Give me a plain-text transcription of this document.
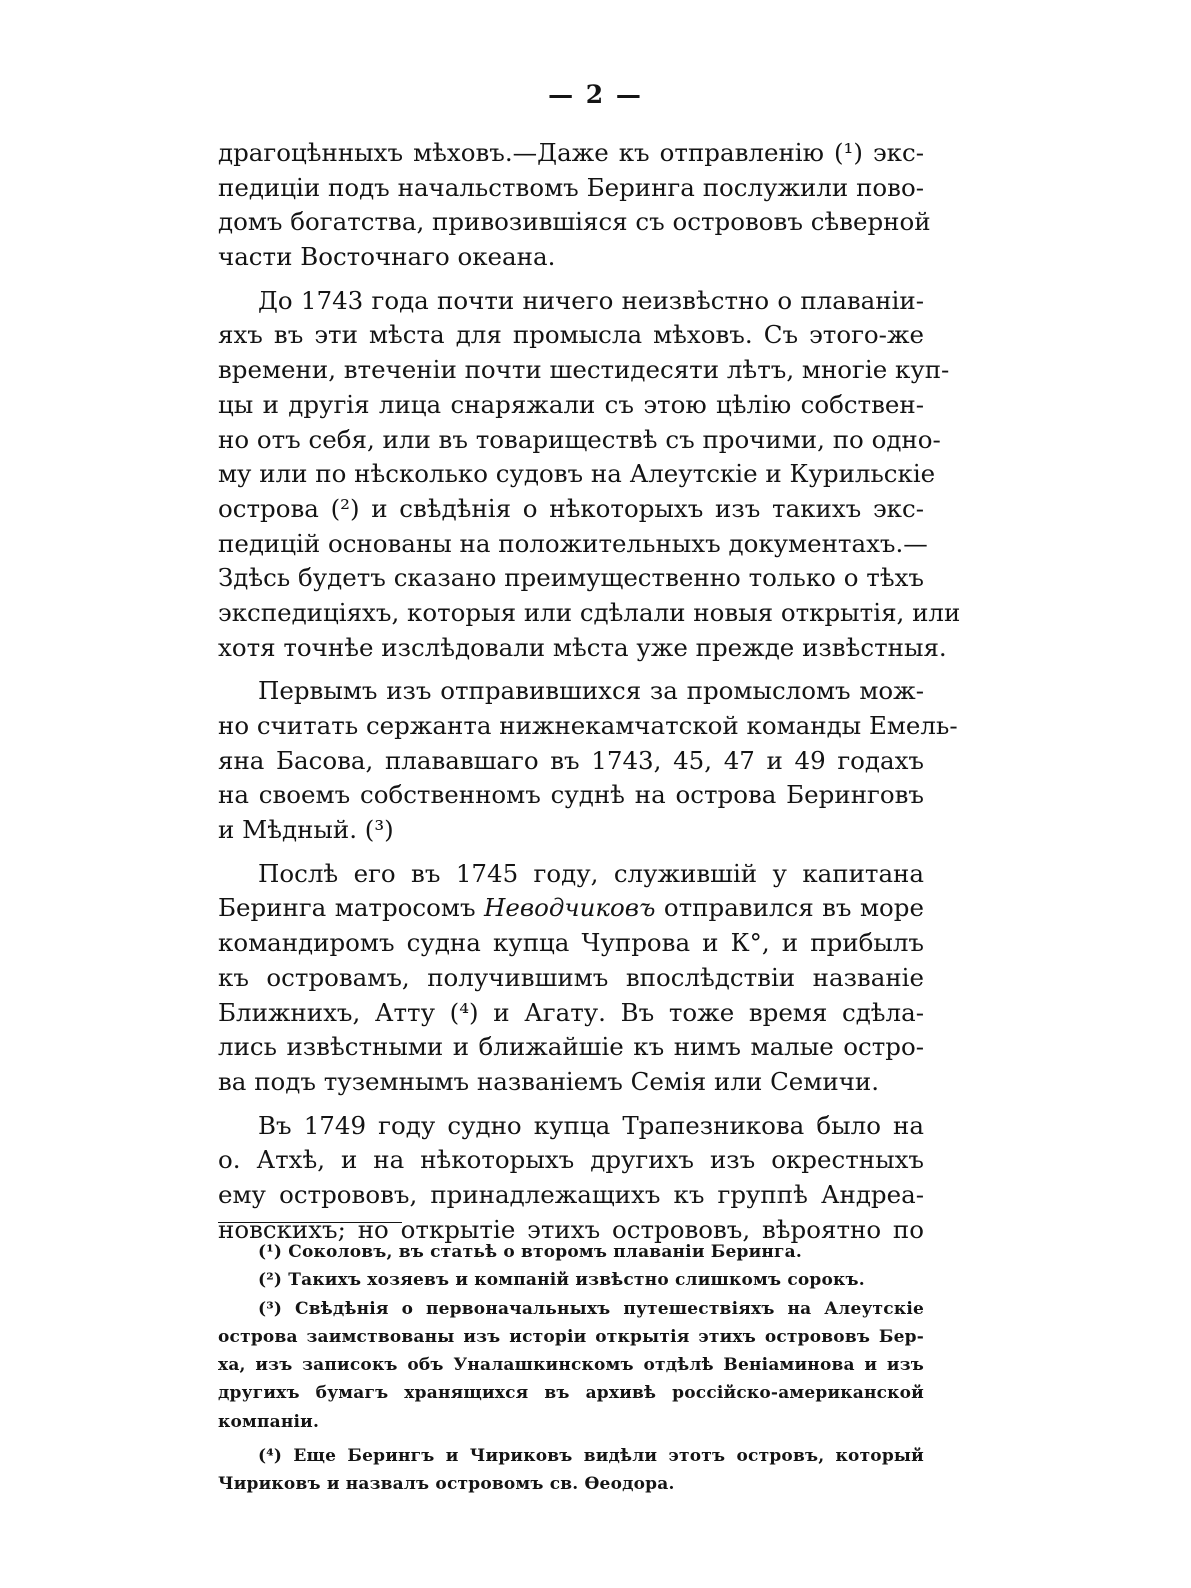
— 2 —
драгоцѣнныхъ мѣховъ.—Даже къ отправленію (¹) экс-
педиціи подъ начальствомъ Беринга послужили пово-
домъ богатства, привозившіяся съ острововъ сѣверной
части Восточнаго океана.
До 1743 года почти ничего неизвѣстно о плаваніи-
яхъ въ эти мѣста для промысла мѣховъ. Съ этого-же
времени, втеченіи почти шестидесяти лѣтъ, многіе куп-
цы и другія лица снаряжали съ этою цѣлію собствен-
но отъ себя, или въ товариществѣ съ прочими, по одно-
му или по нѣсколько судовъ на Алеутскіе и Курильскіе
острова (²) и свѣдѣнія о нѣкоторыхъ изъ такихъ экс-
педицій основаны на положительныхъ документахъ.—
Здѣсь будетъ сказано преимущественно только о тѣхъ
экспедиціяхъ, которыя или сдѣлали новыя открытія, или
хотя точнѣе изслѣдовали мѣста уже прежде извѣстныя.
Первымъ изъ отправившихся за промысломъ мож-
но считать сержанта нижнекамчатской команды Емель-
яна Басова, плававшаго въ 1743, 45, 47 и 49 годахъ
на своемъ собственномъ суднѣ на острова Беринговъ
и Мѣдный. (³)
Послѣ его въ 1745 году, служившій у капитана
Беринга матросомъ Неводчиковъ отправился въ море
командиромъ судна купца Чупрова и К°, и прибылъ
къ островамъ, получившимъ впослѣдствіи названіе
Ближнихъ, Атту (⁴) и Агату. Въ тоже время сдѣла-
лись извѣстными и ближайшіе къ нимъ малые остро-
ва подъ туземнымъ названіемъ Семія или Семичи.
Въ 1749 году судно купца Трапезникова было на
о. Атхѣ, и на нѣкоторыхъ другихъ изъ окрестныхъ
ему острововъ, принадлежащихъ къ группѣ Андреа-
новскихъ; но открытіе этихъ острововъ, вѣроятно по
(¹) Соколовъ, въ статьѣ о второмъ плаваніи Беринга.
(²) Такихъ хозяевъ и компаній извѣстно слишкомъ сорокъ.
(³) Свѣдѣнія о первоначальныхъ путешествіяхъ на Алеутскіе
острова заимствованы изъ исторіи открытія этихъ острововъ Бер-
ха, изъ записокъ объ Уналашкинскомъ отдѣлѣ Веніаминова и изъ
другихъ бумагъ хранящихся въ архивѣ россійско-американской
компаніи.
(⁴) Еще Берингъ и Чириковъ видѣли этотъ островъ, который
Чириковъ и назвалъ островомъ св. Ѳеодора.
